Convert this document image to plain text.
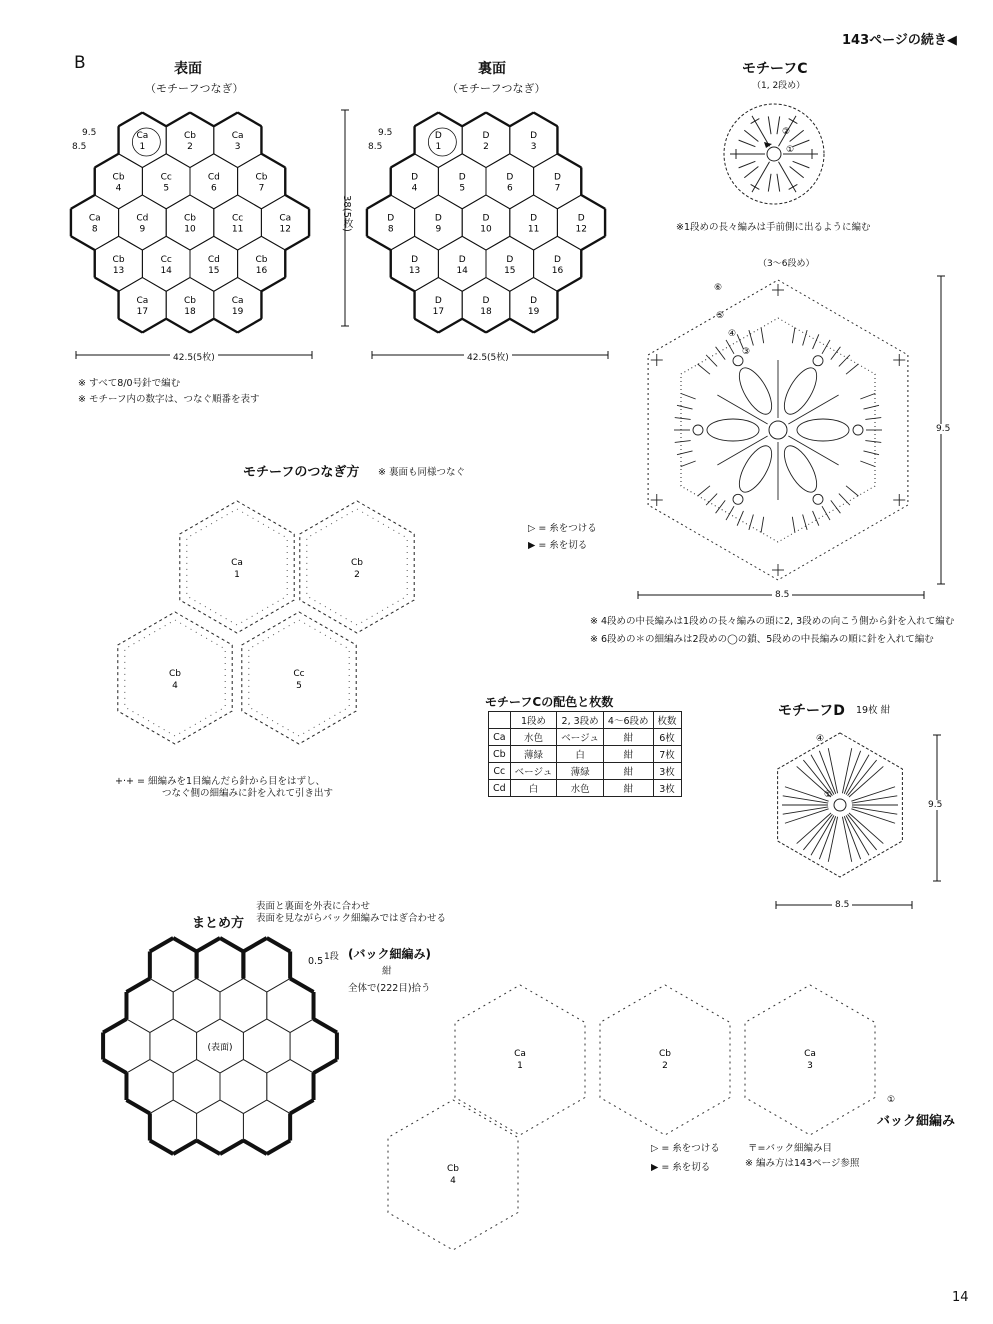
143ページの続き◀
B
14
表面
（モチーフつなぎ）
Ca
1
Cb
2
Ca
3
Cb
4
Cc
5
Cd
6
Cb
7
Ca
8
Cd
9
Cb
10
Cc
11
Ca
12
Cb
13
Cc
14
Cd
15
Cb
16
Ca
17
Cb
18
Ca
19
9.5
8.5
38(5枚)
42.5(5枚)
※ すべて8/0号針で編む
※ モチーフ内の数字は、つなぐ順番を表す
裏面
（モチーフつなぎ）
D
1
D
2
D
3
D
4
D
5
D
6
D
7
D
8
D
9
D
10
D
11
D
12
D
13
D
14
D
15
D
16
D
17
D
18
D
19
9.5
8.5
42.5(5枚)
モチーフC
（1, 2段め）
②
①
※1段めの長々編みは手前側に出るように編む
（3〜6段め）
⑥
⑤
④
③
9.5
8.5
※ 4段めの中長編みは1段めの長々編みの頭に2, 3段めの向こう側から針を入れて編む
※ 6段めの＊の細編みは2段めの◯の鎖、5段めの中長編みの順に針を入れて編む
▷ = 糸をつける
▶ = 糸を切る
モチーフのつなぎ方 ※ 裏面も同様つなぐ
Ca
1
Cb
2
Cb
4
Cc
5
+·+ = 細編みを1目編んだら針から目をはずし、
つなぐ側の細編みに針を入れて引き出す
モチーフCの配色と枚数
	1段め	2, 3段め	4〜6段め	枚数
Ca	水色	ベージュ	紺	6枚
Cb	薄緑	白	紺	7枚
Cc	ベージュ	薄緑	紺	3枚
Cd	白	水色	紺	3枚
モチーフD 19枚 紺
④
①
9.5
8.5
まとめ方
表面と裏面を外表に合わせ
表面を見ながらバック細編みではぎ合わせる
(表面)
0.5 1段 (バック細編み)
紺
全体で(222目)拾う
Ca
1
Cb
2
Ca
3
Cb
4
①
バック細編み
▷ = 糸をつける
▶ = 糸を切る
〒=バック細編み目
※ 編み方は143ページ参照
